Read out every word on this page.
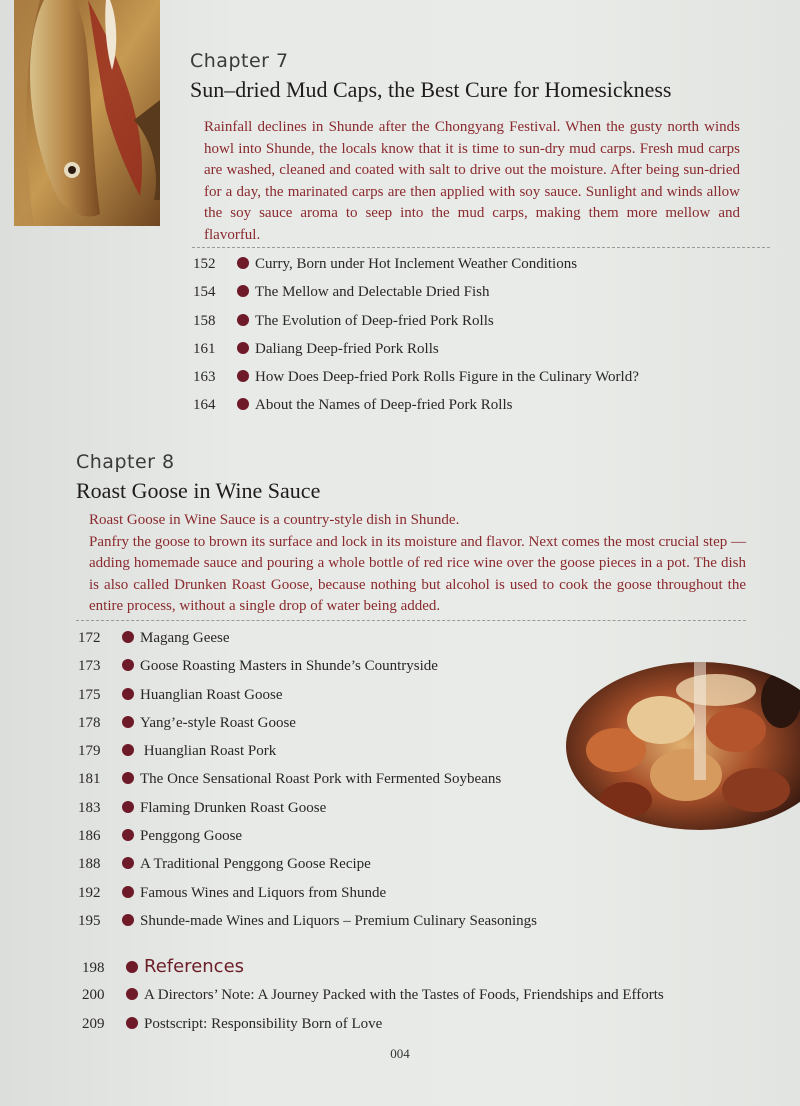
Chapter 7
Sun–dried Mud Caps, the Best Cure for Homesickness

Rainfall declines in Shunde after the Chongyang Festival. When the gusty north winds howl into Shunde, the locals know that it is time to sun-dry mud carps. Fresh mud carps are washed, cleaned and coated with salt to drive out the moisture. After being sun-dried for a day, the marinated carps are then applied with soy sauce. Sunlight and winds allow the soy sauce aroma to seep into the mud carps, making them more mellow and flavorful.

152	Curry, Born under Hot Inclement Weather Conditions
154	The Mellow and Delectable Dried Fish
158	The Evolution of Deep-fried Pork Rolls
161	Daliang Deep-fried Pork Rolls
163	How Does Deep-fried Pork Rolls Figure in the Culinary World?
164	About the Names of Deep-fried Pork Rolls
Chapter 8
Roast Goose in Wine Sauce

Roast Goose in Wine Sauce is a country-style dish in Shunde.

Panfry the goose to brown its surface and lock in its moisture and flavor. Next comes the most crucial step — adding homemade sauce and pouring a whole bottle of red rice wine over the goose pieces in a pot. The dish is also called Drunken Roast Goose, because nothing but alcohol is used to cook the goose throughout the entire process, without a single drop of water being added.

172	Magang Geese
173	Goose Roasting Masters in Shunde’s Countryside
175	Huanglian Roast Goose
178	Yang’e-style Roast Goose
179	Huanglian Roast Pork
181	The Once Sensational Roast Pork with Fermented Soybeans
183	Flaming Drunken Roast Goose
186	Penggong Goose
188	A Traditional Penggong Goose Recipe
192	Famous Wines and Liquors from Shunde
195	Shunde-made Wines and Liquors – Premium Culinary Seasonings
198 References
200	A Directors’ Note: A Journey Packed with the Tastes of Foods, Friendships and Efforts
209	Postscript: Responsibility Born of Love
004
